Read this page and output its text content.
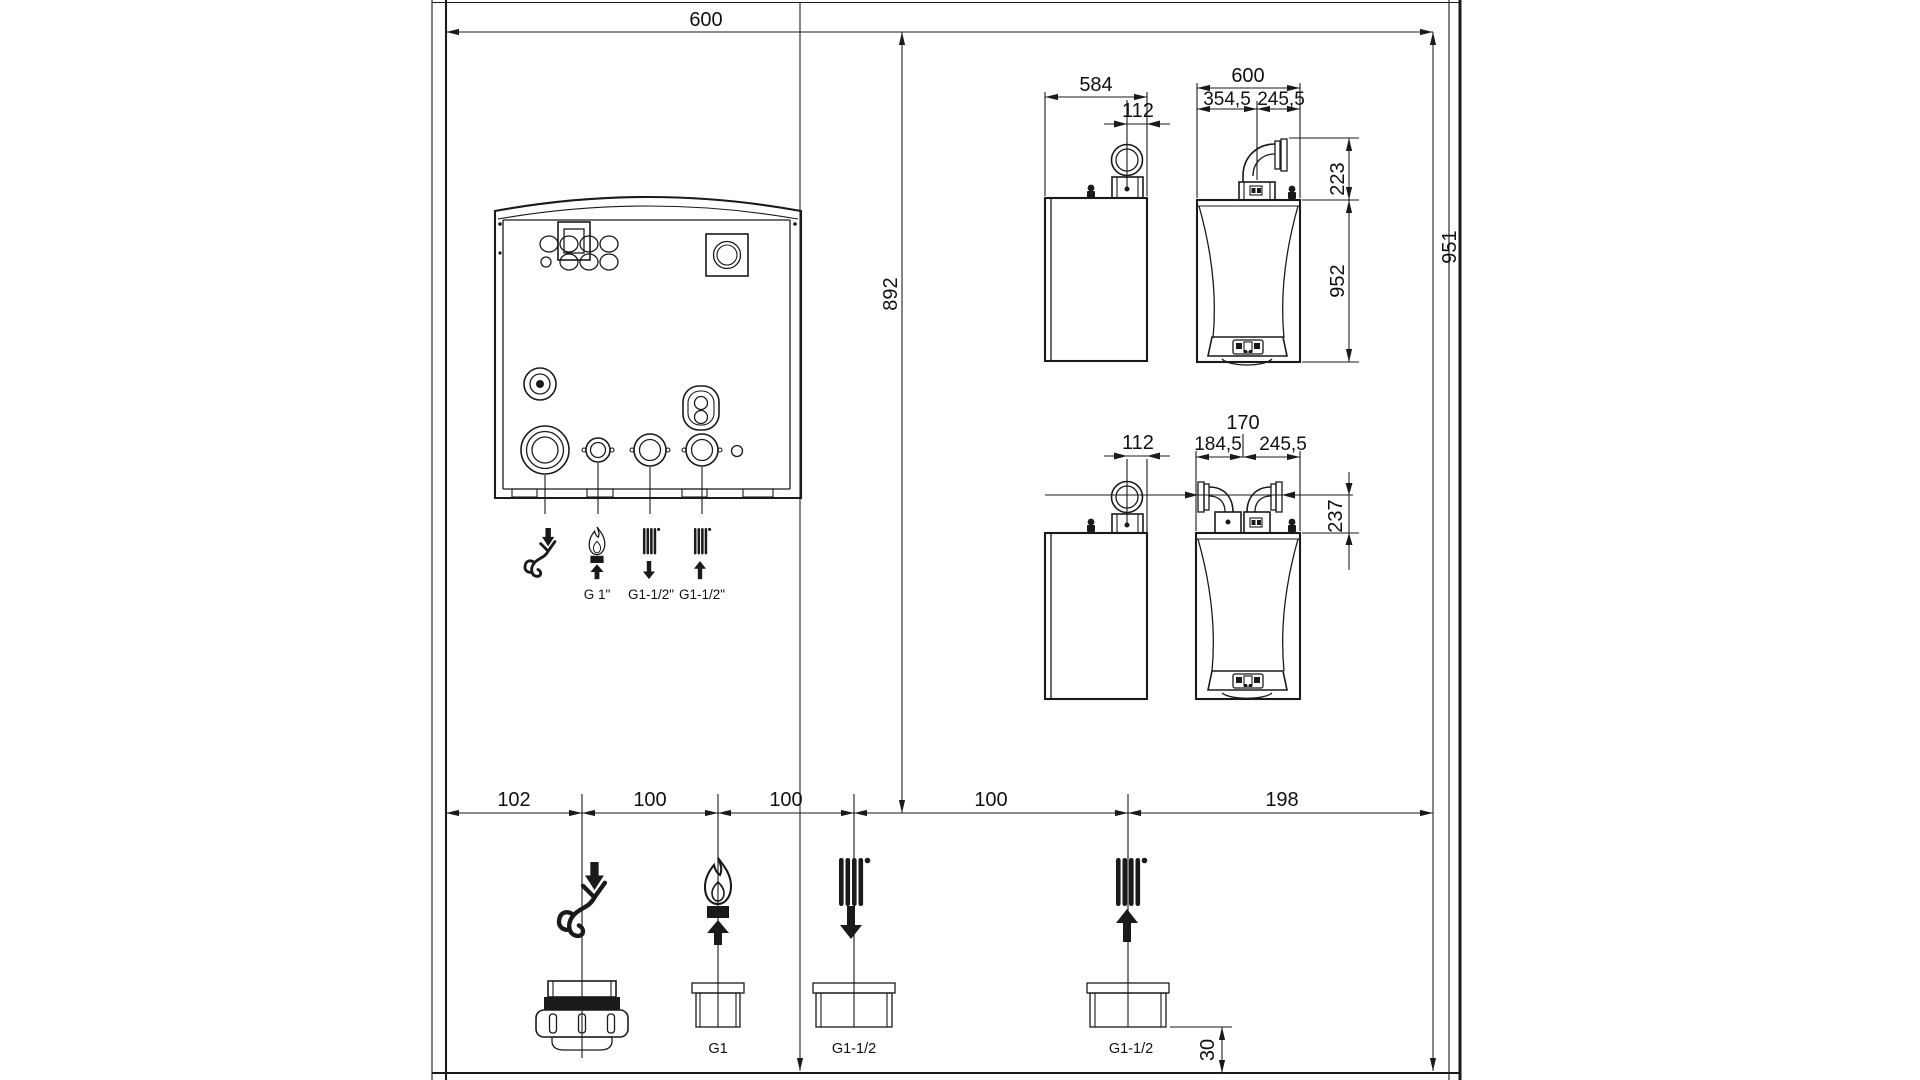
600
892
951
G 1" G1-1/2" G1-1/2"
584
112
600
354,5 245,5
223
952
112
170
184,5 245,5
237
102	100	100	100	198
G1	G1-1/2	G1-1/2 30
